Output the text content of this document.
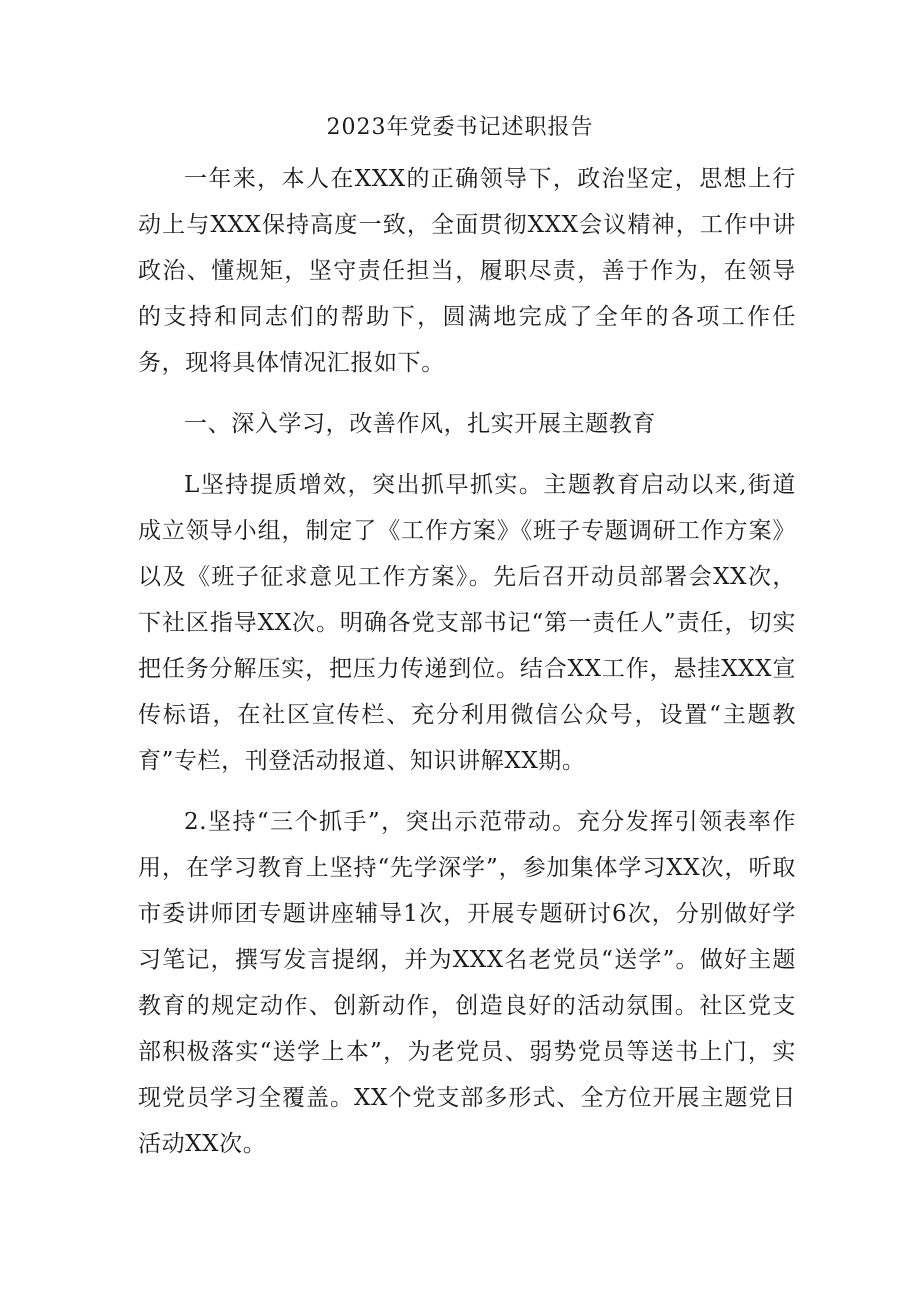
2023年党委书记述职报告

一年来，本人在XXX的正确领导下，政治坚定，思想上行动上与XXX保持高度一致，全面贯彻XXX会议精神，工作中讲政治、懂规矩，坚守责任担当，履职尽责，善于作为，在领导的支持和同志们的帮助下，圆满地完成了全年的各项工作任务，现将具体情况汇报如下。

一、深入学习，改善作风，扎实开展主题教育

L坚持提质增效，突出抓早抓实。主题教育启动以来,街道成立领导小组，制定了《工作方案》《班子专题调研工作方案》以及《班子征求意见工作方案》。先后召开动员部署会XX次，下社区指导XX次。明确各党支部书记“第一责任人”责任，切实把任务分解压实，把压力传递到位。结合XX工作，悬挂XXX宣传标语，在社区宣传栏、充分利用微信公众号，设置“主题教育”专栏，刊登活动报道、知识讲解XX期。

2.坚持“三个抓手”，突出示范带动。充分发挥引领表率作用，在学习教育上坚持“先学深学”，参加集体学习XX次，听取市委讲师团专题讲座辅导1次，开展专题研讨6次，分别做好学习笔记，撰写发言提纲，并为XXX名老党员“送学”。做好主题教育的规定动作、创新动作，创造良好的活动氛围。社区党支部积极落实“送学上本”，为老党员、弱势党员等送书上门，实现党员学习全覆盖。XX个党支部多形式、全方位开展主题党日活动XX次。
